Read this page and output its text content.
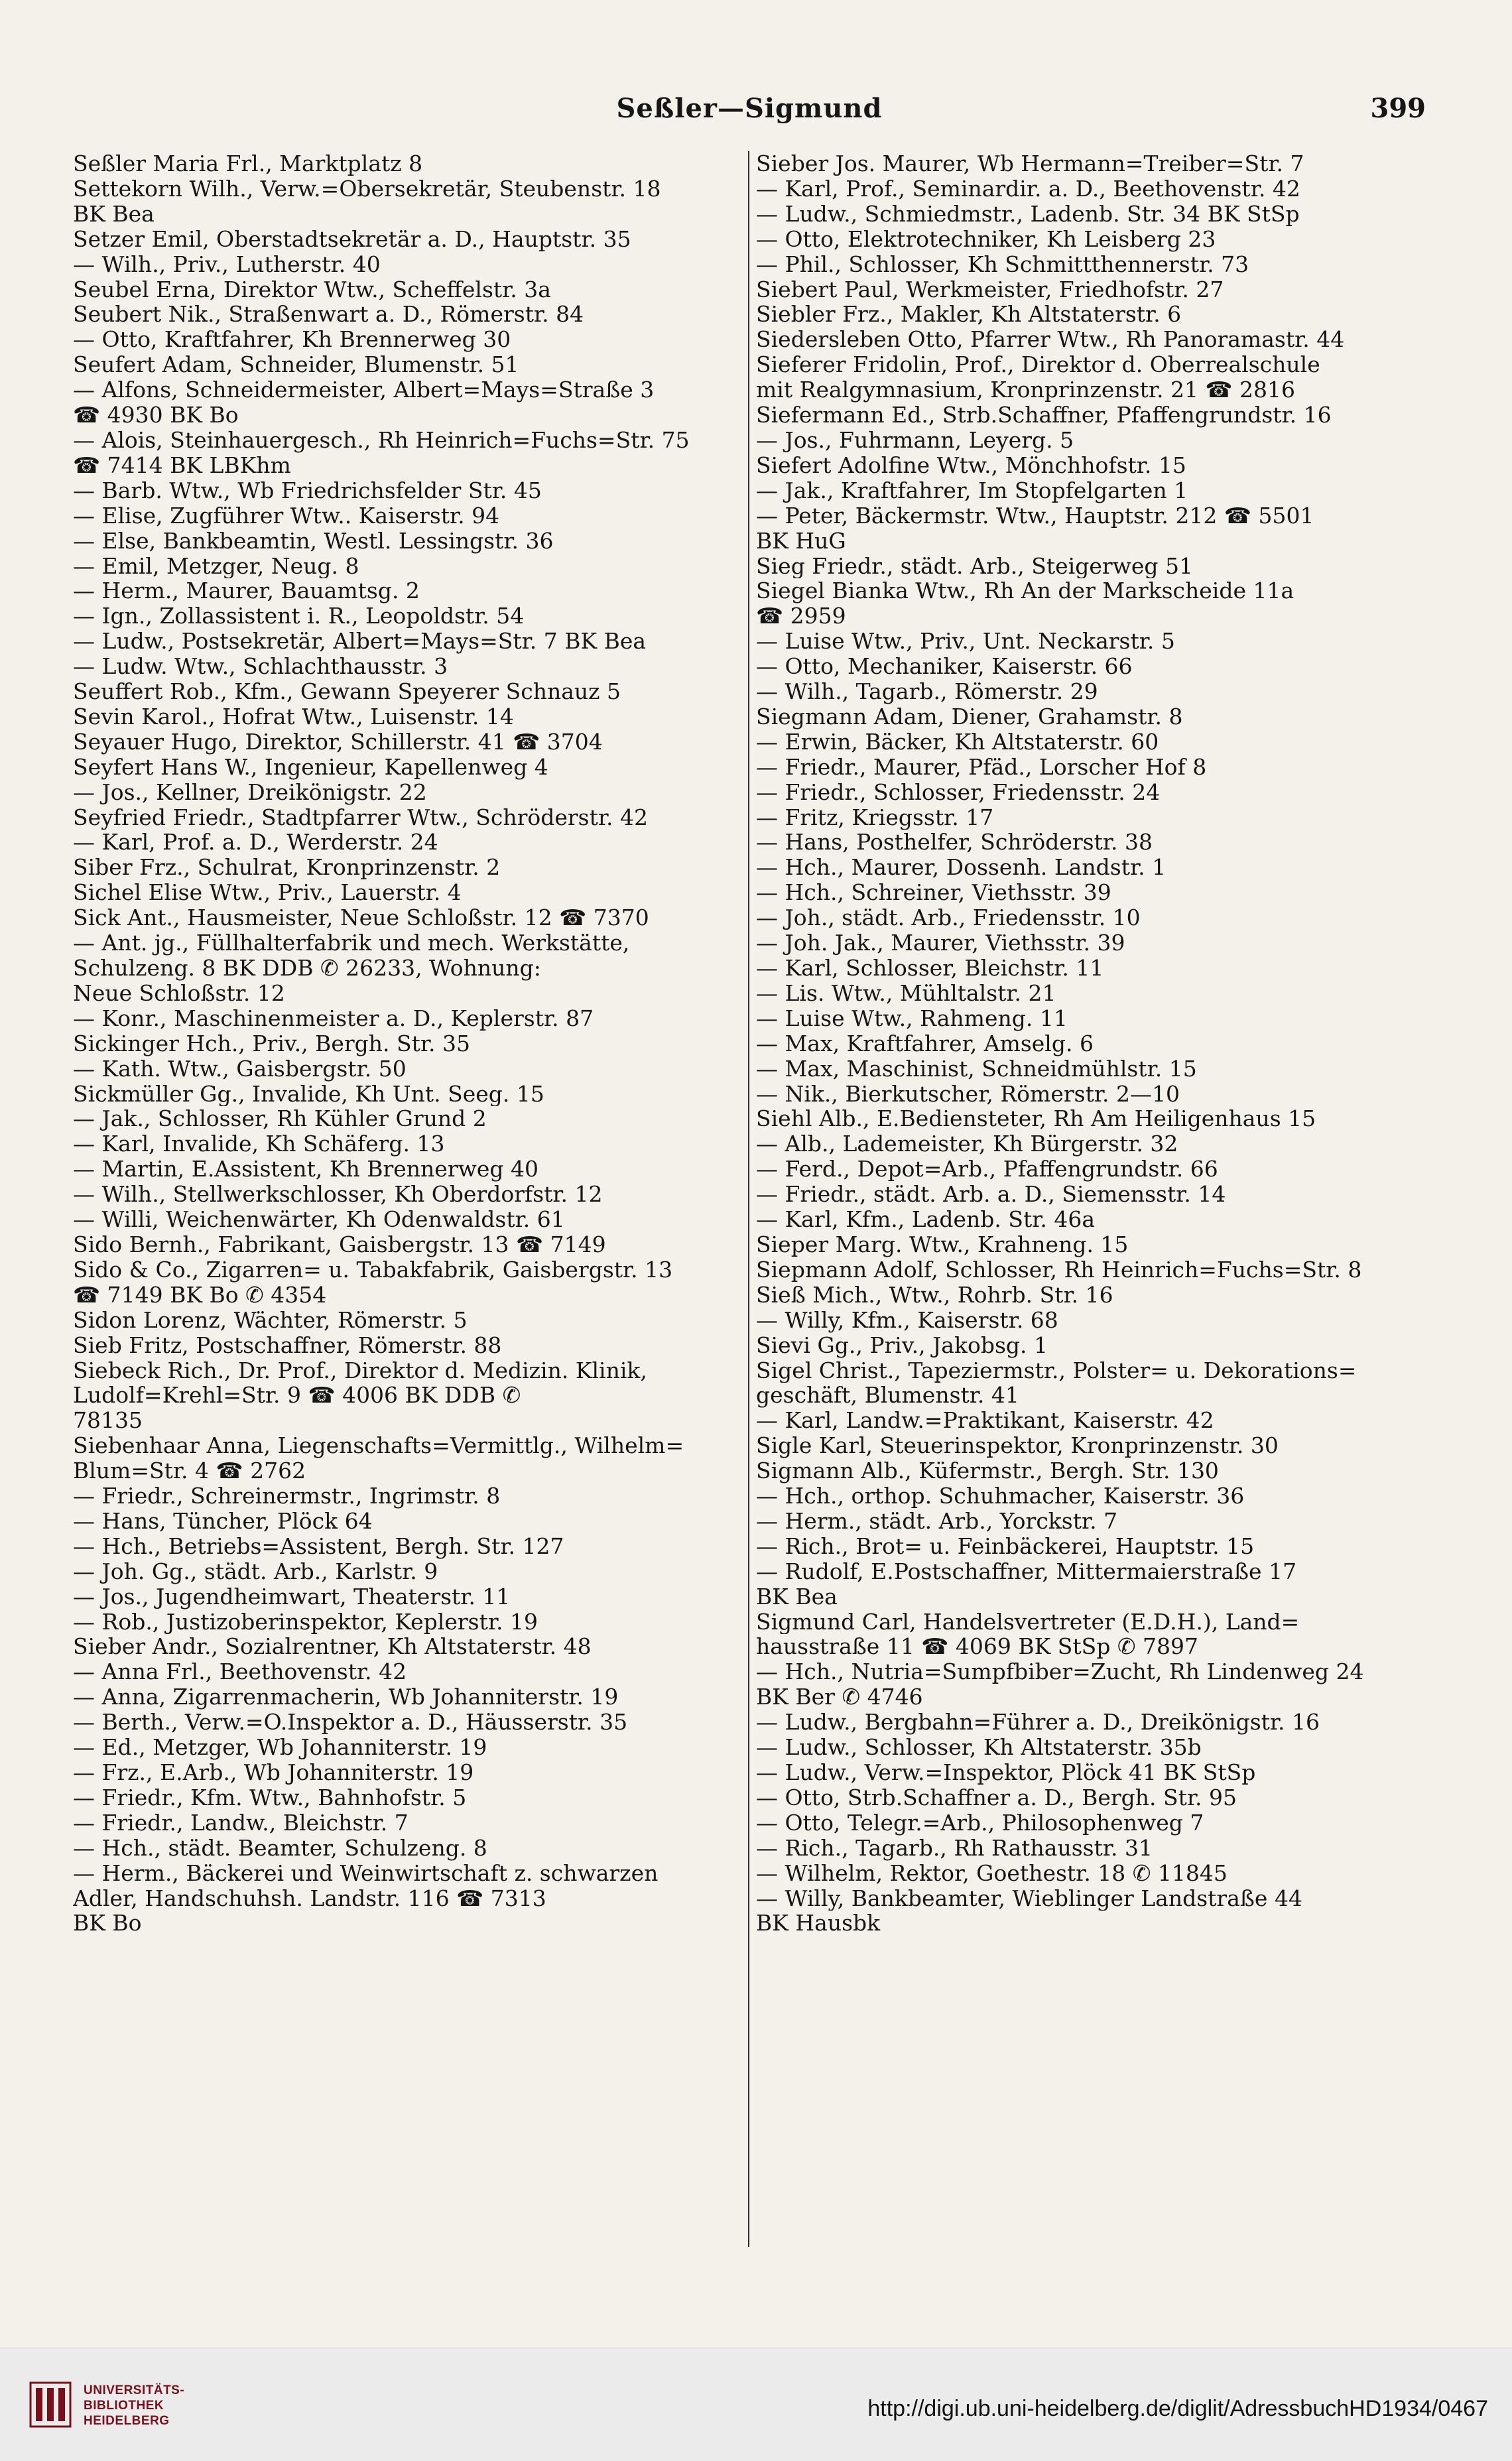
Seßler—Sigmund	399
Seßler Maria Frl., Marktplatz 8
Settekorn Wilh., Verw.=Obersekretär, Steubenstr. 18
BK Bea
Setzer Emil, Oberstadtsekretär a. D., Hauptstr. 35
— Wilh., Priv., Lutherstr. 40
Seubel Erna, Direktor Wtw., Scheffelstr. 3a
Seubert Nik., Straßenwart a. D., Römerstr. 84
— Otto, Kraftfahrer, Kh Brennerweg 30
Seufert Adam, Schneider, Blumenstr. 51
— Alfons, Schneidermeister, Albert=Mays=Straße 3
☎ 4930 BK Bo
— Alois, Steinhauergesch., Rh Heinrich=Fuchs=Str. 75
☎ 7414 BK LBKhm
— Barb. Wtw., Wb Friedrichsfelder Str. 45
— Elise, Zugführer Wtw.. Kaiserstr. 94
— Else, Bankbeamtin, Westl. Lessingstr. 36
— Emil, Metzger, Neug. 8
— Herm., Maurer, Bauamtsg. 2
— Ign., Zollassistent i. R., Leopoldstr. 54
— Ludw., Postsekretär, Albert=Mays=Str. 7 BK Bea
— Ludw. Wtw., Schlachthausstr. 3
Seuffert Rob., Kfm., Gewann Speyerer Schnauz 5
Sevin Karol., Hofrat Wtw., Luisenstr. 14
Seyauer Hugo, Direktor, Schillerstr. 41 ☎ 3704
Seyfert Hans W., Ingenieur, Kapellenweg 4
— Jos., Kellner, Dreikönigstr. 22
Seyfried Friedr., Stadtpfarrer Wtw., Schröderstr. 42
— Karl, Prof. a. D., Werderstr. 24
Siber Frz., Schulrat, Kronprinzenstr. 2
Sichel Elise Wtw., Priv., Lauerstr. 4
Sick Ant., Hausmeister, Neue Schloßstr. 12 ☎ 7370
— Ant. jg., Füllhalterfabrik und mech. Werkstätte,
Schulzeng. 8 BK DDB ✆ 26233, Wohnung:
Neue Schloßstr. 12
— Konr., Maschinenmeister a. D., Keplerstr. 87
Sickinger Hch., Priv., Bergh. Str. 35
— Kath. Wtw., Gaisbergstr. 50
Sickmüller Gg., Invalide, Kh Unt. Seeg. 15
— Jak., Schlosser, Rh Kühler Grund 2
— Karl, Invalide, Kh Schäferg. 13
— Martin, E.Assistent, Kh Brennerweg 40
— Wilh., Stellwerkschlosser, Kh Oberdorfstr. 12
— Willi, Weichenwärter, Kh Odenwaldstr. 61
Sido Bernh., Fabrikant, Gaisbergstr. 13 ☎ 7149
Sido & Co., Zigarren= u. Tabakfabrik, Gaisbergstr. 13
☎ 7149 BK Bo ✆ 4354
Sidon Lorenz, Wächter, Römerstr. 5
Sieb Fritz, Postschaffner, Römerstr. 88
Siebeck Rich., Dr. Prof., Direktor d. Medizin. Klinik,
Ludolf=Krehl=Str. 9 ☎ 4006 BK DDB ✆
78135
Siebenhaar Anna, Liegenschafts=Vermittlg., Wilhelm=
Blum=Str. 4 ☎ 2762
— Friedr., Schreinermstr., Ingrimstr. 8
— Hans, Tüncher, Plöck 64
— Hch., Betriebs=Assistent, Bergh. Str. 127
— Joh. Gg., städt. Arb., Karlstr. 9
— Jos., Jugendheimwart, Theaterstr. 11
— Rob., Justizoberinspektor, Keplerstr. 19
Sieber Andr., Sozialrentner, Kh Altstaterstr. 48
— Anna Frl., Beethovenstr. 42
— Anna, Zigarrenmacherin, Wb Johanniterstr. 19
— Berth., Verw.=O.Inspektor a. D., Häusserstr. 35
— Ed., Metzger, Wb Johanniterstr. 19
— Frz., E.Arb., Wb Johanniterstr. 19
— Friedr., Kfm. Wtw., Bahnhofstr. 5
— Friedr., Landw., Bleichstr. 7
— Hch., städt. Beamter, Schulzeng. 8
— Herm., Bäckerei und Weinwirtschaft z. schwarzen
Adler, Handschuhsh. Landstr. 116 ☎ 7313
BK Bo
Sieber Jos. Maurer, Wb Hermann=Treiber=Str. 7
— Karl, Prof., Seminardir. a. D., Beethovenstr. 42
— Ludw., Schmiedmstr., Ladenb. Str. 34 BK StSp
— Otto, Elektrotechniker, Kh Leisberg 23
— Phil., Schlosser, Kh Schmittthennerstr. 73
Siebert Paul, Werkmeister, Friedhofstr. 27
Siebler Frz., Makler, Kh Altstaterstr. 6
Siedersleben Otto, Pfarrer Wtw., Rh Panoramastr. 44
Sieferer Fridolin, Prof., Direktor d. Oberrealschule
mit Realgymnasium, Kronprinzenstr. 21 ☎ 2816
Siefermann Ed., Strb.Schaffner, Pfaffengrundstr. 16
— Jos., Fuhrmann, Leyerg. 5
Siefert Adolfine Wtw., Mönchhofstr. 15
— Jak., Kraftfahrer, Im Stopfelgarten 1
— Peter, Bäckermstr. Wtw., Hauptstr. 212 ☎ 5501
BK HuG
Sieg Friedr., städt. Arb., Steigerweg 51
Siegel Bianka Wtw., Rh An der Markscheide 11a
☎ 2959
— Luise Wtw., Priv., Unt. Neckarstr. 5
— Otto, Mechaniker, Kaiserstr. 66
— Wilh., Tagarb., Römerstr. 29
Siegmann Adam, Diener, Grahamstr. 8
— Erwin, Bäcker, Kh Altstaterstr. 60
— Friedr., Maurer, Pfäd., Lorscher Hof 8
— Friedr., Schlosser, Friedensstr. 24
— Fritz, Kriegsstr. 17
— Hans, Posthelfer, Schröderstr. 38
— Hch., Maurer, Dossenh. Landstr. 1
— Hch., Schreiner, Viethsstr. 39
— Joh., städt. Arb., Friedensstr. 10
— Joh. Jak., Maurer, Viethsstr. 39
— Karl, Schlosser, Bleichstr. 11
— Lis. Wtw., Mühltalstr. 21
— Luise Wtw., Rahmeng. 11
— Max, Kraftfahrer, Amselg. 6
— Max, Maschinist, Schneidmühlstr. 15
— Nik., Bierkutscher, Römerstr. 2—10
Siehl Alb., E.Bediensteter, Rh Am Heiligenhaus 15
— Alb., Lademeister, Kh Bürgerstr. 32
— Ferd., Depot=Arb., Pfaffengrundstr. 66
— Friedr., städt. Arb. a. D., Siemensstr. 14
— Karl, Kfm., Ladenb. Str. 46a
Sieper Marg. Wtw., Krahneng. 15
Siepmann Adolf, Schlosser, Rh Heinrich=Fuchs=Str. 8
Sieß Mich., Wtw., Rohrb. Str. 16
— Willy, Kfm., Kaiserstr. 68
Sievi Gg., Priv., Jakobsg. 1
Sigel Christ., Tapeziermstr., Polster= u. Dekorations=
geschäft, Blumenstr. 41
— Karl, Landw.=Praktikant, Kaiserstr. 42
Sigle Karl, Steuerinspektor, Kronprinzenstr. 30
Sigmann Alb., Küfermstr., Bergh. Str. 130
— Hch., orthop. Schuhmacher, Kaiserstr. 36
— Herm., städt. Arb., Yorckstr. 7
— Rich., Brot= u. Feinbäckerei, Hauptstr. 15
— Rudolf, E.Postschaffner, Mittermaierstraße 17
BK Bea
Sigmund Carl, Handelsvertreter (E.D.H.), Land=
hausstraße 11 ☎ 4069 BK StSp ✆ 7897
— Hch., Nutria=Sumpfbiber=Zucht, Rh Lindenweg 24
BK Ber ✆ 4746
— Ludw., Bergbahn=Führer a. D., Dreikönigstr. 16
— Ludw., Schlosser, Kh Altstaterstr. 35b
— Ludw., Verw.=Inspektor, Plöck 41 BK StSp
— Otto, Strb.Schaffner a. D., Bergh. Str. 95
— Otto, Telegr.=Arb., Philosophenweg 7
— Rich., Tagarb., Rh Rathausstr. 31
— Wilhelm, Rektor, Goethestr. 18 ✆ 11845
— Willy, Bankbeamter, Wieblinger Landstraße 44
BK Hausbk
UNIVERSITÄTS-
BIBLIOTHEK
HEIDELBERG	http://digi.ub.uni-heidelberg.de/diglit/AdressbuchHD1934/0467
